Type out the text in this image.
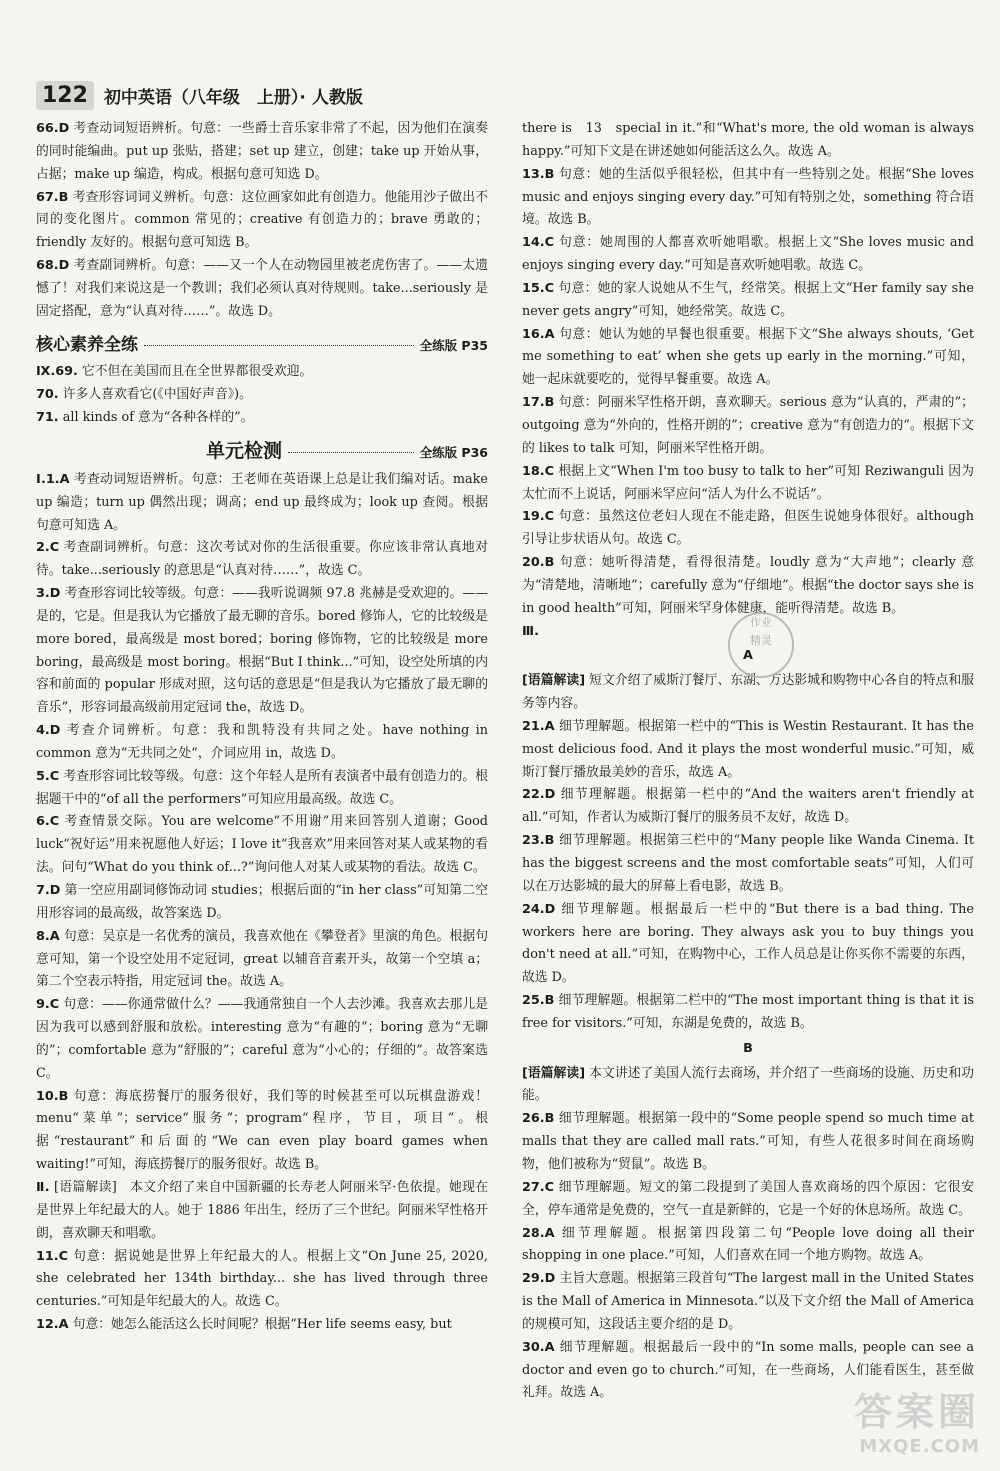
122 初中英语（八年级　上册）· 人教版

66.D 考查动词短语辨析。句意：一些爵士音乐家非常了不起，因为他们在演奏的同时能编曲。put up 张贴，搭建；set up 建立，创建；take up 开始从事，占据；make up 编造，构成。根据句意可知选 D。

67.B 考查形容词词义辨析。句意：这位画家如此有创造力。他能用沙子做出不同的变化图片。common 常见的；creative 有创造力的；brave 勇敢的；friendly 友好的。根据句意可知选 B。

68.D 考查副词辨析。句意：——又一个人在动物园里被老虎伤害了。——太遗憾了！对我们来说这是一个教训；我们必须认真对待规则。take...seriously 是固定搭配，意为“认真对待……”。故选 D。

核心素养全练	全练版 P35

Ⅸ.69. 它不但在美国而且在全世界都很受欢迎。

70. 许多人喜欢看它(《中国好声音》)。

71. all kinds of 意为“各种各样的”。

单元检测	全练版 P36

Ⅰ.1.A 考查动词短语辨析。句意：王老师在英语课上总是让我们编对话。make up 编造；turn up 偶然出现；调高；end up 最终成为；look up 查阅。根据句意可知选 A。

2.C 考查副词辨析。句意：这次考试对你的生活很重要。你应该非常认真地对待。take...seriously 的意思是“认真对待……”，故选 C。

3.D 考查形容词比较等级。句意：——我听说调频 97.8 兆赫是受欢迎的。——是的，它是。但是我认为它播放了最无聊的音乐。bored 修饰人，它的比较级是 more bored，最高级是 most bored；boring 修饰物，它的比较级是 more boring，最高级是 most boring。根据“But I think...”可知，设空处所填的内容和前面的 popular 形成对照，这句话的意思是“但是我认为它播放了最无聊的音乐”，形容词最高级前用定冠词 the，故选 D。

4.D 考查介词辨析。句意：我和凯特没有共同之处。have nothing in common 意为“无共同之处”，介词应用 in，故选 D。

5.C 考查形容词比较等级。句意：这个年轻人是所有表演者中最有创造力的。根据题干中的“of all the performers”可知应用最高级。故选 C。

6.C 考查情景交际。You are welcome“不用谢”用来回答别人道谢；Good luck“祝好运”用来祝愿他人好运；I love it“我喜欢”用来回答对某人或某物的看法。问句“What do you think of...?”询问他人对某人或某物的看法。故选 C。

7.D 第一空应用副词修饰动词 studies；根据后面的“in her class”可知第二空用形容词的最高级，故答案选 D。

8.A 句意：吴京是一名优秀的演员，我喜欢他在《攀登者》里演的角色。根据句意可知，第一个设空处用不定冠词，great 以辅音音素开头，故第一个空填 a；第二个空表示特指，用定冠词 the。故选 A。

9.C 句意：——你通常做什么？——我通常独自一个人去沙滩。我喜欢去那儿是因为我可以感到舒服和放松。interesting 意为“有趣的”；boring 意为“无聊的”；comfortable 意为“舒服的”；careful 意为“小心的；仔细的”。故答案选 C。

10.B 句意：海底捞餐厅的服务很好，我们等的时候甚至可以玩棋盘游戏！menu“菜单”；service“服务”；program“程序，节目，项目”。根据“restaurant”和后面的“We can even play board games when waiting!”可知，海底捞餐厅的服务很好。故选 B。

Ⅱ. [语篇解读]　本文介绍了来自中国新疆的长寿老人阿丽米罕·色依提。她现在是世界上年纪最大的人。她于 1886 年出生，经历了三个世纪。阿丽米罕性格开朗，喜欢聊天和唱歌。

11.C 句意：据说她是世界上年纪最大的人。根据上文“On June 25, 2020, she celebrated her 134th birthday... she has lived through three centuries.”可知是年纪最大的人。故选 C。

12.A 句意：她怎么能活这么长时间呢？根据“Her life seems easy, but

there is　13　special in it.”和“What's more, the old woman is always happy.”可知下文是在讲述她如何能活这么久。故选 A。

13.B 句意：她的生活似乎很轻松，但其中有一些特别之处。根据“She loves music and enjoys singing every day.”可知有特别之处，something 符合语境。故选 B。

14.C 句意：她周围的人都喜欢听她唱歌。根据上文“She loves music and enjoys singing every day.”可知是喜欢听她唱歌。故选 C。

15.C 句意：她的家人说她从不生气，经常笑。根据上文“Her family say she never gets angry”可知，她经常笑。故选 C。

16.A 句意：她认为她的早餐也很重要。根据下文“She always shouts, ‘Get me something to eat’ when she gets up early in the morning.”可知，她一起床就要吃的，觉得早餐重要。故选 A。

17.B 句意：阿丽米罕性格开朗，喜欢聊天。serious 意为“认真的，严肃的”；outgoing 意为“外向的，性格开朗的”；creative 意为“有创造力的”。根据下文的 likes to talk 可知，阿丽米罕性格开朗。

18.C 根据上文“When I'm too busy to talk to her”可知 Reziwanguli 因为太忙而不上说话，阿丽米罕应问“活人为什么不说话”。

19.C 句意：虽然这位老妇人现在不能走路，但医生说她身体很好。although 引导让步状语从句。故选 C。

20.B 句意：她听得清楚，看得很清楚。loudly 意为“大声地”；clearly 意为“清楚地，清晰地”；carefully 意为“仔细地”。根据“the doctor says she is in good health”可知，阿丽米罕身体健康，能听得清楚。故选 B。

Ⅲ.

A

[语篇解读] 短文介绍了威斯汀餐厅、东湖、万达影城和购物中心各自的特点和服务等内容。

21.A 细节理解题。根据第一栏中的“This is Westin Restaurant. It has the most delicious food. And it plays the most wonderful music.”可知，威斯汀餐厅播放最美妙的音乐，故选 A。

22.D 细节理解题。根据第一栏中的“And the waiters aren't friendly at all.”可知，作者认为威斯汀餐厅的服务员不友好，故选 D。

23.B 细节理解题。根据第三栏中的“Many people like Wanda Cinema. It has the biggest screens and the most comfortable seats”可知，人们可以在万达影城的最大的屏幕上看电影，故选 B。

24.D 细节理解题。根据最后一栏中的“But there is a bad thing. The workers here are boring. They always ask you to buy things you don't need at all.”可知，在购物中心，工作人员总是让你买你不需要的东西，故选 D。

25.B 细节理解题。根据第二栏中的“The most important thing is that it is free for visitors.”可知，东湖是免费的，故选 B。

B

[语篇解读] 本文讲述了美国人流行去商场，并介绍了一些商场的设施、历史和功能。

26.B 细节理解题。根据第一段中的“Some people spend so much time at malls that they are called mall rats.”可知，有些人花很多时间在商场购物，他们被称为“贸鼠”。故选 B。

27.C 细节理解题。短文的第二段提到了美国人喜欢商场的四个原因：它很安全，停车通常是免费的，空气一直是新鲜的，它是一个好的休息场所。故选 C。

28.A 细节理解题。根据第四段第二句“People love doing all their shopping in one place.”可知，人们喜欢在同一个地方购物。故选 A。

29.D 主旨大意题。根据第三段首句“The largest mall in the United States is the Mall of America in Minnesota.”以及下文介绍 the Mall of America 的规模可知，这段话主要介绍的是 D。

30.A 细节理解题。根据最后一段中的“In some malls, people can see a doctor and even go to church.”可知，在一些商场，人们能看医生，甚至做礼拜。故选 A。

作业
精灵
答案圈
MXQE.COM
